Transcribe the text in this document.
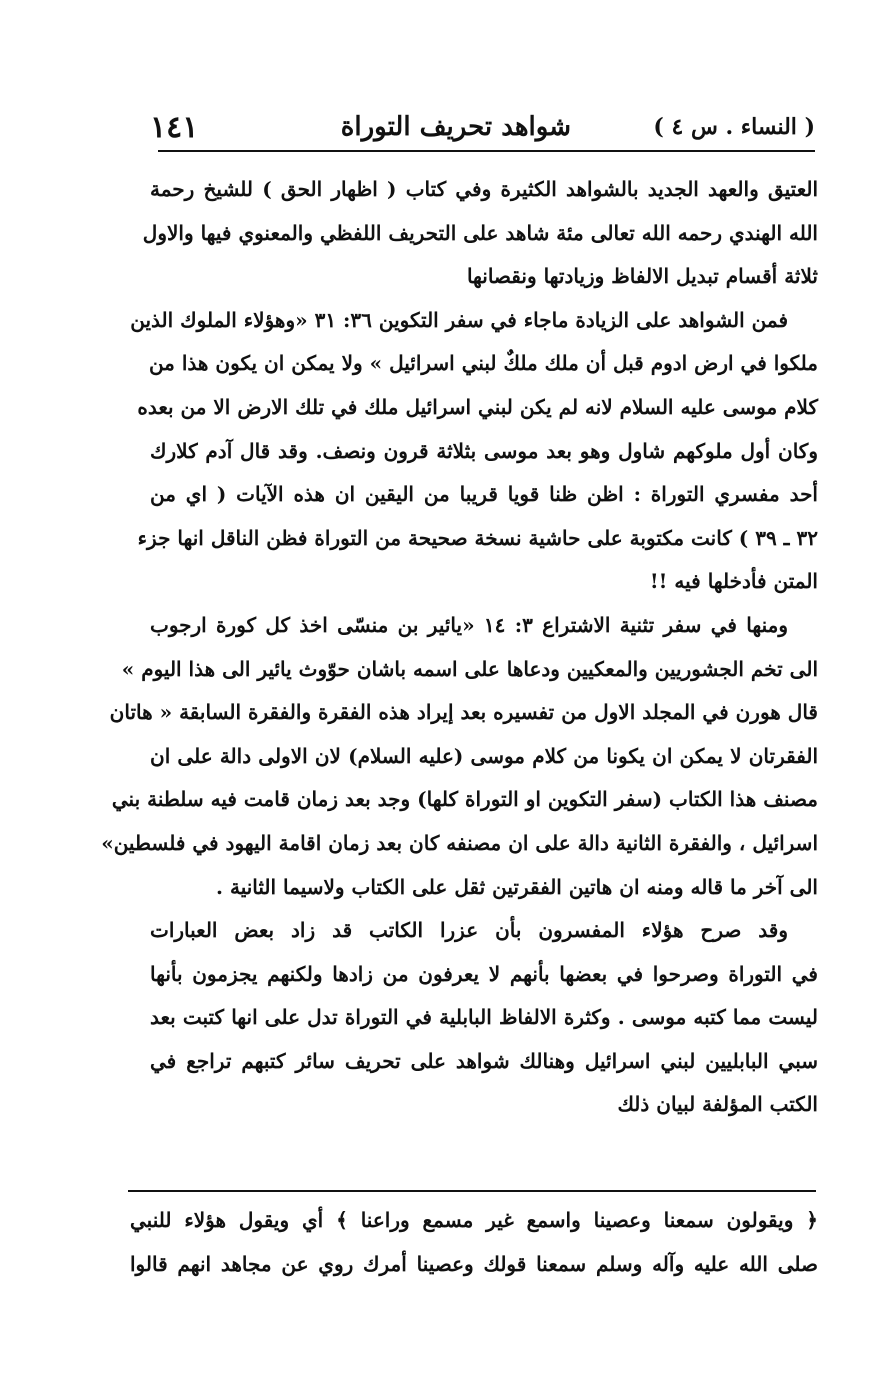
( النساء . س ٤ )
شواهد تحريف التوراة
١٤١
العتيق والعهد الجديد بالشواهد الكثيرة وفي كتاب ( اظهار الحق ) للشيخ رحمة
الله الهندي رحمه الله تعالى مئة شاهد على التحريف اللفظي والمعنوي فيها والاول
ثلاثة أقسام تبديل الالفاظ وزيادتها ونقصانها
فمن الشواهد على الزيادة ماجاء في سفر التكوين ٣٦: ٣١ «وهؤلاء الملوك الذين
ملكوا في ارض ادوم قبل أن ملك ملكٌ لبني اسرائيل » ولا يمكن ان يكون هذا من
كلام موسى عليه السلام لانه لم يكن لبني اسرائيل ملك في تلك الارض الا من بعده
وكان أول ملوكهم شاول وهو بعد موسى بثلاثة قرون ونصف. وقد قال آدم كلارك
أحد مفسري التوراة : اظن ظنا قويا قريبا من اليقين ان هذه الآيات ( اي من
٣٢ ـ ٣٩ ) كانت مكتوبة على حاشية نسخة صحيحة من التوراة فظن الناقل انها جزء
المتن فأدخلها فيه !!
ومنها في سفر تثنية الاشتراع ٣: ١٤ «يائير بن منسّى اخذ كل كورة ارجوب
الى تخم الجشوريين والمعكيين ودعاها على اسمه باشان حوّوث يائير الى هذا اليوم »
قال هورن في المجلد الاول من تفسيره بعد إيراد هذه الفقرة والفقرة السابقة « هاتان
الفقرتان لا يمكن ان يكونا من كلام موسى (عليه السلام) لان الاولى دالة على ان
مصنف هذا الكتاب (سفر التكوين او التوراة كلها) وجد بعد زمان قامت فيه سلطنة بني
اسرائيل ، والفقرة الثانية دالة على ان مصنفه كان بعد زمان اقامة اليهود في فلسطين»
الى آخر ما قاله ومنه ان هاتين الفقرتين ثقل على الكتاب ولاسيما الثانية .
وقد صرح هؤلاء المفسرون بأن عزرا الكاتب قد زاد بعض العبارات
في التوراة وصرحوا في بعضها بأنهم لا يعرفون من زادها ولكنهم يجزمون بأنها
ليست مما كتبه موسى . وكثرة الالفاظ البابلية في التوراة تدل على انها كتبت بعد
سبي البابليين لبني اسرائيل وهنالك شواهد على تحريف سائر كتبهم تراجع في
الكتب المؤلفة لبيان ذلك
﴿ ويقولون سمعنا وعصينا واسمع غير مسمع وراعنا ﴾ أي ويقول هؤلاء للنبي
صلى الله عليه وآله وسلم سمعنا قولك وعصينا أمرك روي عن مجاهد انهم قالوا
